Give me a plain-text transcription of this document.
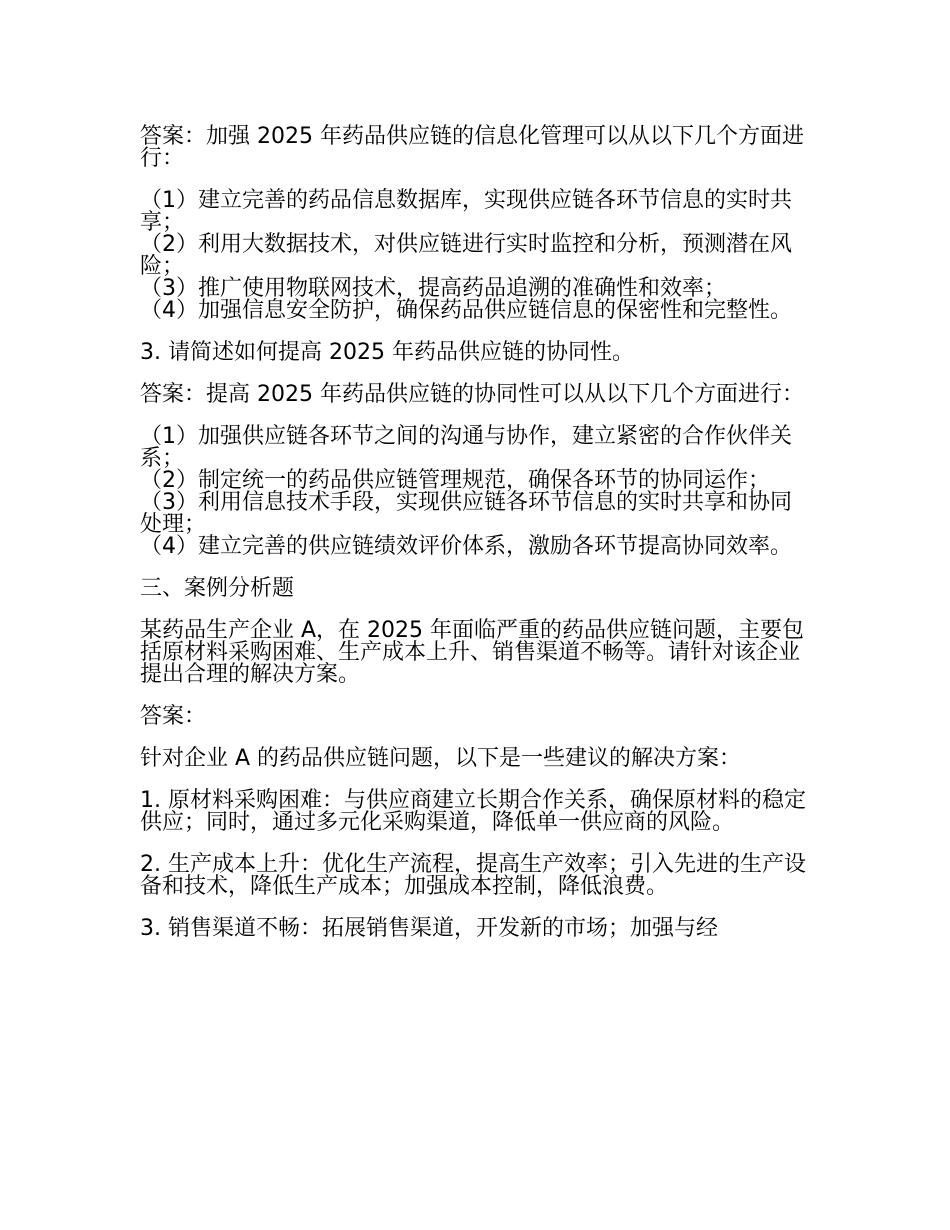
答案：加强 2025 年药品供应链的信息化管理可以从以下几个方面进行：

（1）建立完善的药品信息数据库，实现供应链各环节信息的实时共享；

（2）利用大数据技术，对供应链进行实时监控和分析，预测潜在风险；

（3）推广使用物联网技术，提高药品追溯的准确性和效率；

（4）加强信息安全防护，确保药品供应链信息的保密性和完整性。

3. 请简述如何提高 2025 年药品供应链的协同性。

答案：提高 2025 年药品供应链的协同性可以从以下几个方面进行：

（1）加强供应链各环节之间的沟通与协作，建立紧密的合作伙伴关系；

（2）制定统一的药品供应链管理规范，确保各环节的协同运作；

（3）利用信息技术手段，实现供应链各环节信息的实时共享和协同处理；

（4）建立完善的供应链绩效评价体系，激励各环节提高协同效率。

三、案例分析题

某药品生产企业 A，在 2025 年面临严重的药品供应链问题，主要包括原材料采购困难、生产成本上升、销售渠道不畅等。请针对该企业提出合理的解决方案。

答案：

针对企业 A 的药品供应链问题，以下是一些建议的解决方案：

1. 原材料采购困难：与供应商建立长期合作关系，确保原材料的稳定供应；同时，通过多元化采购渠道，降低单一供应商的风险。

2. 生产成本上升：优化生产流程，提高生产效率；引入先进的生产设备和技术，降低生产成本；加强成本控制，降低浪费。

3. 销售渠道不畅：拓展销售渠道，开发新的市场；加强与经
